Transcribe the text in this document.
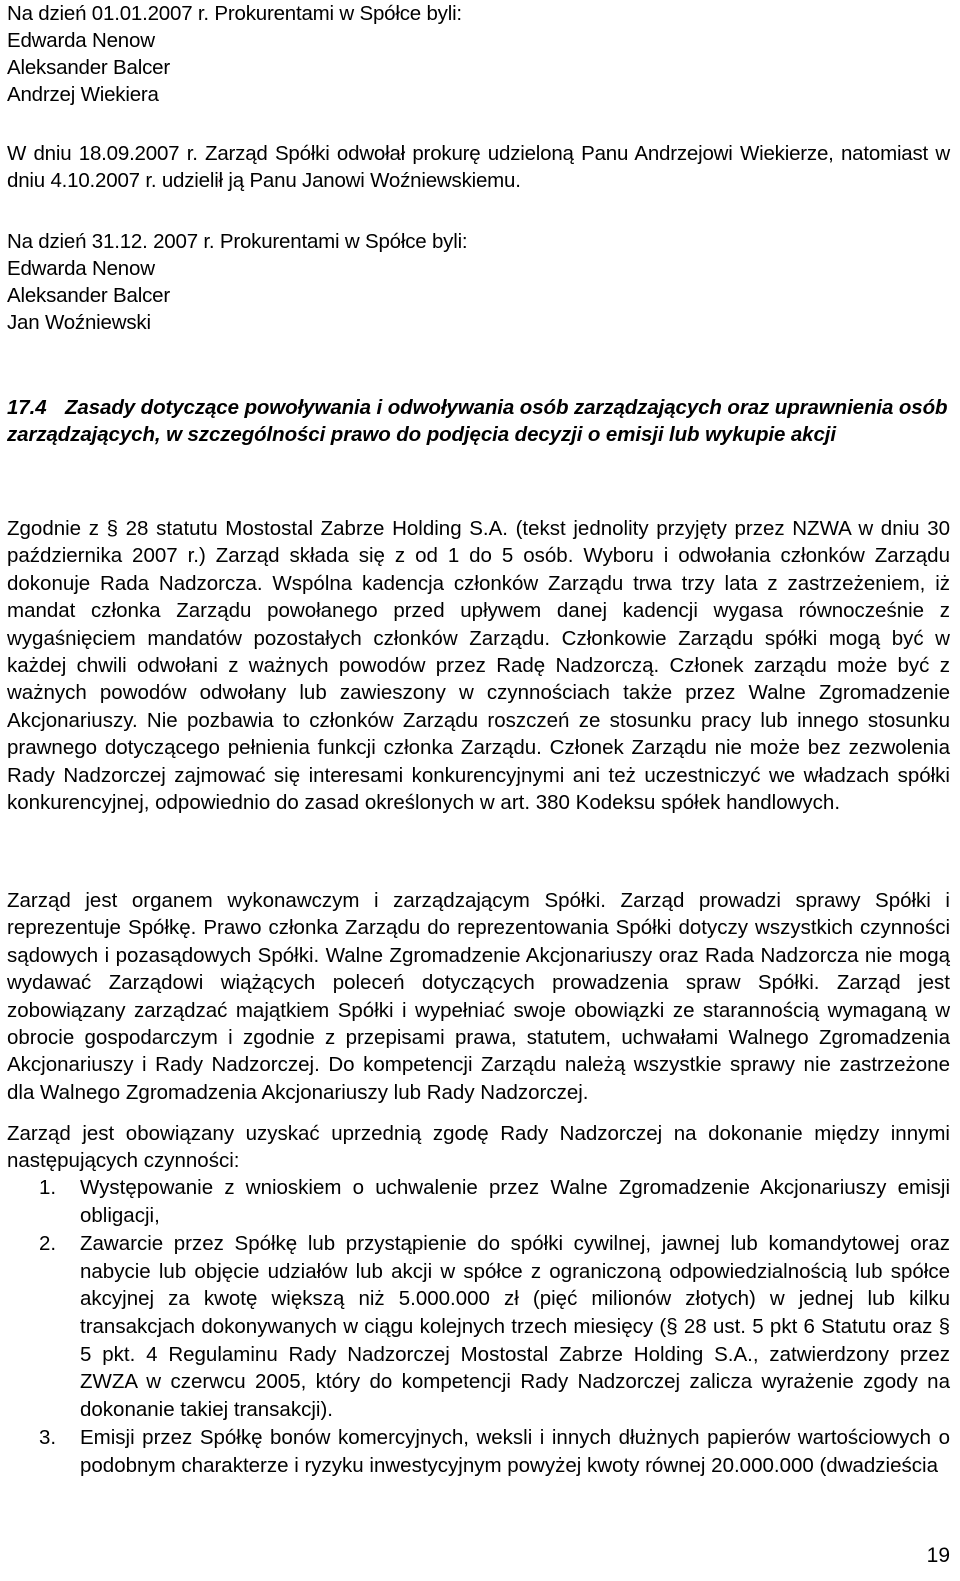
Na dzień 01.01.2007 r. Prokurentami w Spółce byli:
Edwarda Nenow
Aleksander Balcer
Andrzej Wiekiera
W dniu 18.09.2007 r. Zarząd Spółki odwołał prokurę udzieloną Panu Andrzejowi Wiekierze, natomiast w
dniu 4.10.2007 r. udzielił ją Panu Janowi Woźniewskiemu.
Na dzień 31.12. 2007 r. Prokurentami w Spółce byli:
Edwarda Nenow
Aleksander Balcer
Jan Woźniewski
17.4 Zasady dotyczące powoływania i odwoływania osób zarządzających oraz uprawnienia osób zarządzających, w szczególności prawo do podjęcia decyzji o emisji lub wykupie akcji
Zgodnie z § 28 statutu Mostostal Zabrze Holding S.A. (tekst jednolity przyjęty przez NZWA w dniu 30 października 2007 r.) Zarząd składa się z od 1 do 5 osób. Wyboru i odwołania członków Zarządu dokonuje Rada Nadzorcza. Wspólna kadencja członków Zarządu trwa trzy lata z zastrzeżeniem, iż mandat członka Zarządu powołanego przed upływem danej kadencji wygasa równocześnie z wygaśnięciem mandatów pozostałych członków Zarządu. Członkowie Zarządu spółki mogą być w każdej chwili odwołani z ważnych powodów przez Radę Nadzorczą. Członek zarządu może być z ważnych powodów odwołany lub zawieszony w czynnościach także przez Walne Zgromadzenie Akcjonariuszy. Nie pozbawia to członków Zarządu roszczeń ze stosunku pracy lub innego stosunku prawnego dotyczącego pełnienia funkcji członka Zarządu. Członek Zarządu nie może bez zezwolenia Rady Nadzorczej zajmować się interesami konkurencyjnymi ani też uczestniczyć we władzach spółki konkurencyjnej, odpowiednio do zasad określonych w art. 380 Kodeksu spółek handlowych.
Zarząd jest organem wykonawczym i zarządzającym Spółki. Zarząd prowadzi sprawy Spółki i reprezentuje Spółkę. Prawo członka Zarządu do reprezentowania Spółki dotyczy wszystkich czynności sądowych i pozasądowych Spółki. Walne Zgromadzenie Akcjonariuszy oraz Rada Nadzorcza nie mogą wydawać Zarządowi wiążących poleceń dotyczących prowadzenia spraw Spółki. Zarząd jest zobowiązany zarządzać majątkiem Spółki i wypełniać swoje obowiązki ze starannością wymaganą w obrocie gospodarczym i zgodnie z przepisami prawa, statutem, uchwałami Walnego Zgromadzenia Akcjonariuszy i Rady Nadzorczej. Do kompetencji Zarządu należą wszystkie sprawy nie zastrzeżone dla Walnego Zgromadzenia Akcjonariuszy lub Rady Nadzorczej.
Zarząd jest obowiązany uzyskać uprzednią zgodę Rady Nadzorczej na dokonanie między innymi następujących czynności:
1. Występowanie z wnioskiem o uchwalenie przez Walne Zgromadzenie Akcjonariuszy emisji obligacji,
2. Zawarcie przez Spółkę lub przystąpienie do spółki cywilnej, jawnej lub komandytowej oraz nabycie lub objęcie udziałów lub akcji w spółce z ograniczoną odpowiedzialnością lub spółce akcyjnej za kwotę większą niż 5.000.000 zł (pięć milionów złotych) w jednej lub kilku transakcjach dokonywanych w ciągu kolejnych trzech miesięcy (§ 28 ust. 5 pkt 6 Statutu oraz § 5 pkt. 4 Regulaminu Rady Nadzorczej Mostostal Zabrze Holding S.A., zatwierdzony przez ZWZA w czerwcu 2005, który do kompetencji Rady Nadzorczej zalicza wyrażenie zgody na dokonanie takiej transakcji).
3. Emisji przez Spółkę bonów komercyjnych, weksli i innych dłużnych papierów wartościowych o podobnym charakterze i ryzyku inwestycyjnym powyżej kwoty równej 20.000.000 (dwadzieścia
19
